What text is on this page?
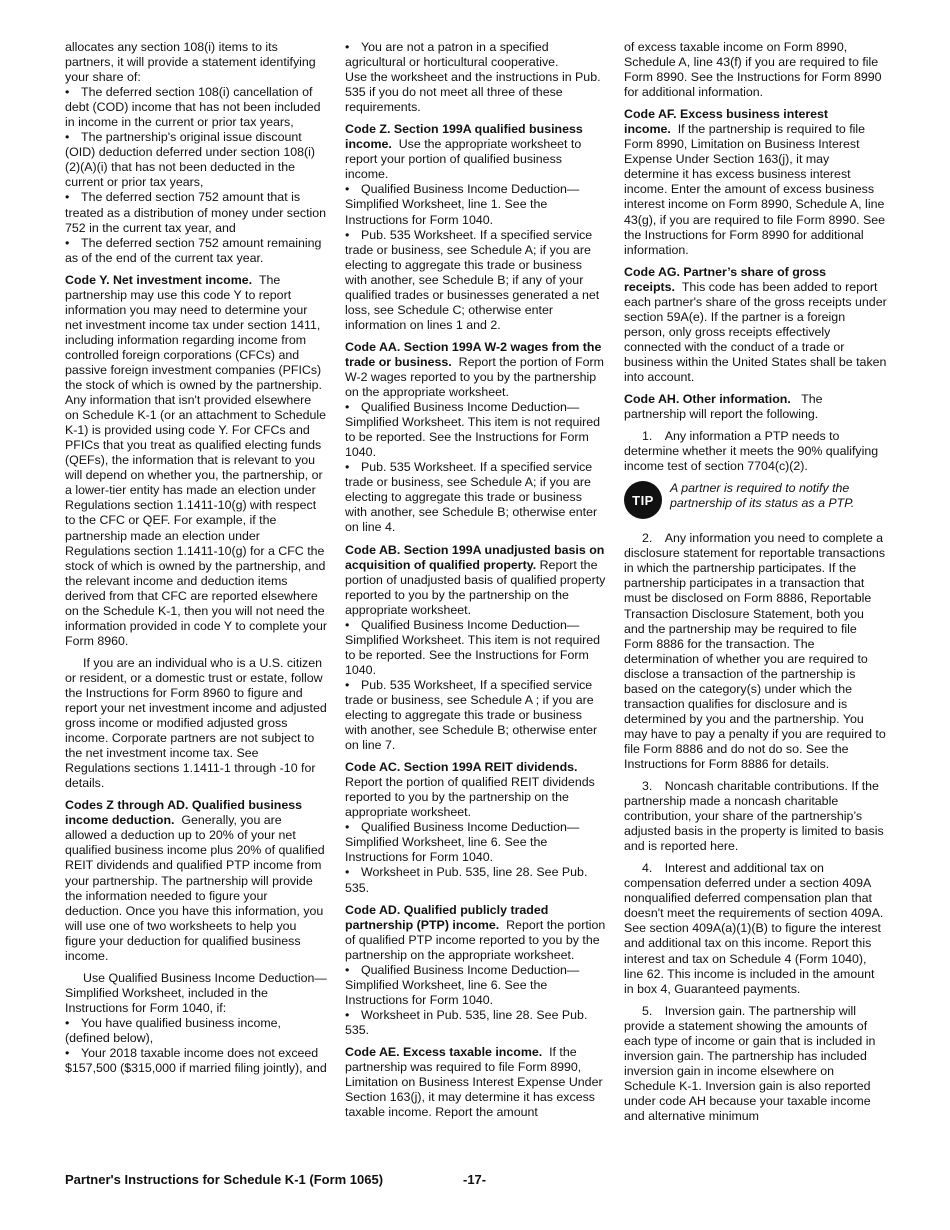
allocates any section 108(i) items to its partners, it will provide a statement identifying your share of:

• The deferred section 108(i) cancellation of debt (COD) income that has not been included in income in the current or prior tax years,

• The partnership's original issue discount (OID) deduction deferred under section 108(i)(2)(A)(i) that has not been deducted in the current or prior tax years,

• The deferred section 752 amount that is treated as a distribution of money under section 752 in the current tax year, and

• The deferred section 752 amount remaining as of the end of the current tax year.

Code Y. Net investment income. The partnership may use this code Y to report information you may need to determine your net investment income tax under section 1411, including information regarding income from controlled foreign corporations (CFCs) and passive foreign investment companies (PFICs) the stock of which is owned by the partnership. Any information that isn't provided elsewhere on Schedule K-1 (or an attachment to Schedule K-1) is provided using code Y. For CFCs and PFICs that you treat as qualified electing funds (QEFs), the information that is relevant to you will depend on whether you, the partnership, or a lower-tier entity has made an election under Regulations section 1.1411-10(g) with respect to the CFC or QEF. For example, if the partnership made an election under Regulations section 1.1411-10(g) for a CFC the stock of which is owned by the partnership, and the relevant income and deduction items derived from that CFC are reported elsewhere on the Schedule K-1, then you will not need the information provided in code Y to complete your Form 8960.

If you are an individual who is a U.S. citizen or resident, or a domestic trust or estate, follow the Instructions for Form 8960 to figure and report your net investment income and adjusted gross income or modified adjusted gross income. Corporate partners are not subject to the net investment income tax. See Regulations sections 1.1411-1 through -10 for details.

Codes Z through AD. Qualified business income deduction. Generally, you are allowed a deduction up to 20% of your net qualified business income plus 20% of qualified REIT dividends and qualified PTP income from your partnership. The partnership will provide the information needed to figure your deduction. Once you have this information, you will use one of two worksheets to help you figure your deduction for qualified business income.

Use Qualified Business Income Deduction—Simplified Worksheet, included in the Instructions for Form 1040, if:

• You have qualified business income, (defined below),

• Your 2018 taxable income does not exceed $157,500 ($315,000 if married filing jointly), and

• You are not a patron in a specified agricultural or horticultural cooperative.

Use the worksheet and the instructions in Pub. 535 if you do not meet all three of these requirements.

Code Z. Section 199A qualified business income. Use the appropriate worksheet to report your portion of qualified business income.

• Qualified Business Income Deduction—Simplified Worksheet, line 1. See the Instructions for Form 1040.

• Pub. 535 Worksheet. If a specified service trade or business, see Schedule A; if you are electing to aggregate this trade or business with another, see Schedule B; if any of your qualified trades or businesses generated a net loss, see Schedule C; otherwise enter information on lines 1 and 2.

Code AA. Section 199A W-2 wages from the trade or business. Report the portion of Form W-2 wages reported to you by the partnership on the appropriate worksheet.

• Qualified Business Income Deduction—Simplified Worksheet. This item is not required to be reported. See the Instructions for Form 1040.

• Pub. 535 Worksheet. If a specified service trade or business, see Schedule A; if you are electing to aggregate this trade or business with another, see Schedule B; otherwise enter on line 4.

Code AB. Section 199A unadjusted basis on acquisition of qualified property. Report the portion of unadjusted basis of qualified property reported to you by the partnership on the appropriate worksheet.

• Qualified Business Income Deduction—Simplified Worksheet. This item is not required to be reported. See the Instructions for Form 1040.

• Pub. 535 Worksheet, If a specified service trade or business, see Schedule A ; if you are electing to aggregate this trade or business with another, see Schedule B; otherwise enter on line 7.

Code AC. Section 199A REIT dividends. Report the portion of qualified REIT dividends reported to you by the partnership on the appropriate worksheet.

• Qualified Business Income Deduction—Simplified Worksheet, line 6. See the Instructions for Form 1040.

• Worksheet in Pub. 535, line 28. See Pub. 535.

Code AD. Qualified publicly traded partnership (PTP) income. Report the portion of qualified PTP income reported to you by the partnership on the appropriate worksheet.

• Qualified Business Income Deduction—Simplified Worksheet, line 6. See the Instructions for Form 1040.

• Worksheet in Pub. 535, line 28. See Pub. 535.

Code AE. Excess taxable income. If the partnership was required to file Form 8990, Limitation on Business Interest Expense Under Section 163(j), it may determine it has excess taxable income. Report the amount

of excess taxable income on Form 8990, Schedule A, line 43(f) if you are required to file Form 8990. See the Instructions for Form 8990 for additional information.

Code AF. Excess business interest income. If the partnership is required to file Form 8990, Limitation on Business Interest Expense Under Section 163(j), it may determine it has excess business interest income. Enter the amount of excess business interest income on Form 8990, Schedule A, line 43(g), if you are required to file Form 8990. See the Instructions for Form 8990 for additional information.

Code AG. Partner’s share of gross receipts. This code has been added to report each partner's share of the gross receipts under section 59A(e). If the partner is a foreign person, only gross receipts effectively connected with the conduct of a trade or business within the United States shall be taken into account.

Code AH. Other information. The partnership will report the following.

1. Any information a PTP needs to determine whether it meets the 90% qualifying income test of section 7704(c)(2).

TIP
A partner is required to notify the partnership of its status as a PTP.

2. Any information you need to complete a disclosure statement for reportable transactions in which the partnership participates. If the partnership participates in a transaction that must be disclosed on Form 8886, Reportable Transaction Disclosure Statement, both you and the partnership may be required to file Form 8886 for the transaction. The determination of whether you are required to disclose a transaction of the partnership is based on the category(s) under which the transaction qualifies for disclosure and is determined by you and the partnership. You may have to pay a penalty if you are required to file Form 8886 and do not do so. See the Instructions for Form 8886 for details.

3. Noncash charitable contributions. If the partnership made a noncash charitable contribution, your share of the partnership’s adjusted basis in the property is limited to basis and is reported here.

4. Interest and additional tax on compensation deferred under a section 409A nonqualified deferred compensation plan that doesn't meet the requirements of section 409A. See section 409A(a)(1)(B) to figure the interest and additional tax on this income. Report this interest and tax on Schedule 4 (Form 1040), line 62. This income is included in the amount in box 4, Guaranteed payments.

5. Inversion gain. The partnership will provide a statement showing the amounts of each type of income or gain that is included in inversion gain. The partnership has included inversion gain in income elsewhere on Schedule K-1. Inversion gain is also reported under code AH because your taxable income and alternative minimum

Partner's Instructions for Schedule K-1 (Form 1065)	-17-
